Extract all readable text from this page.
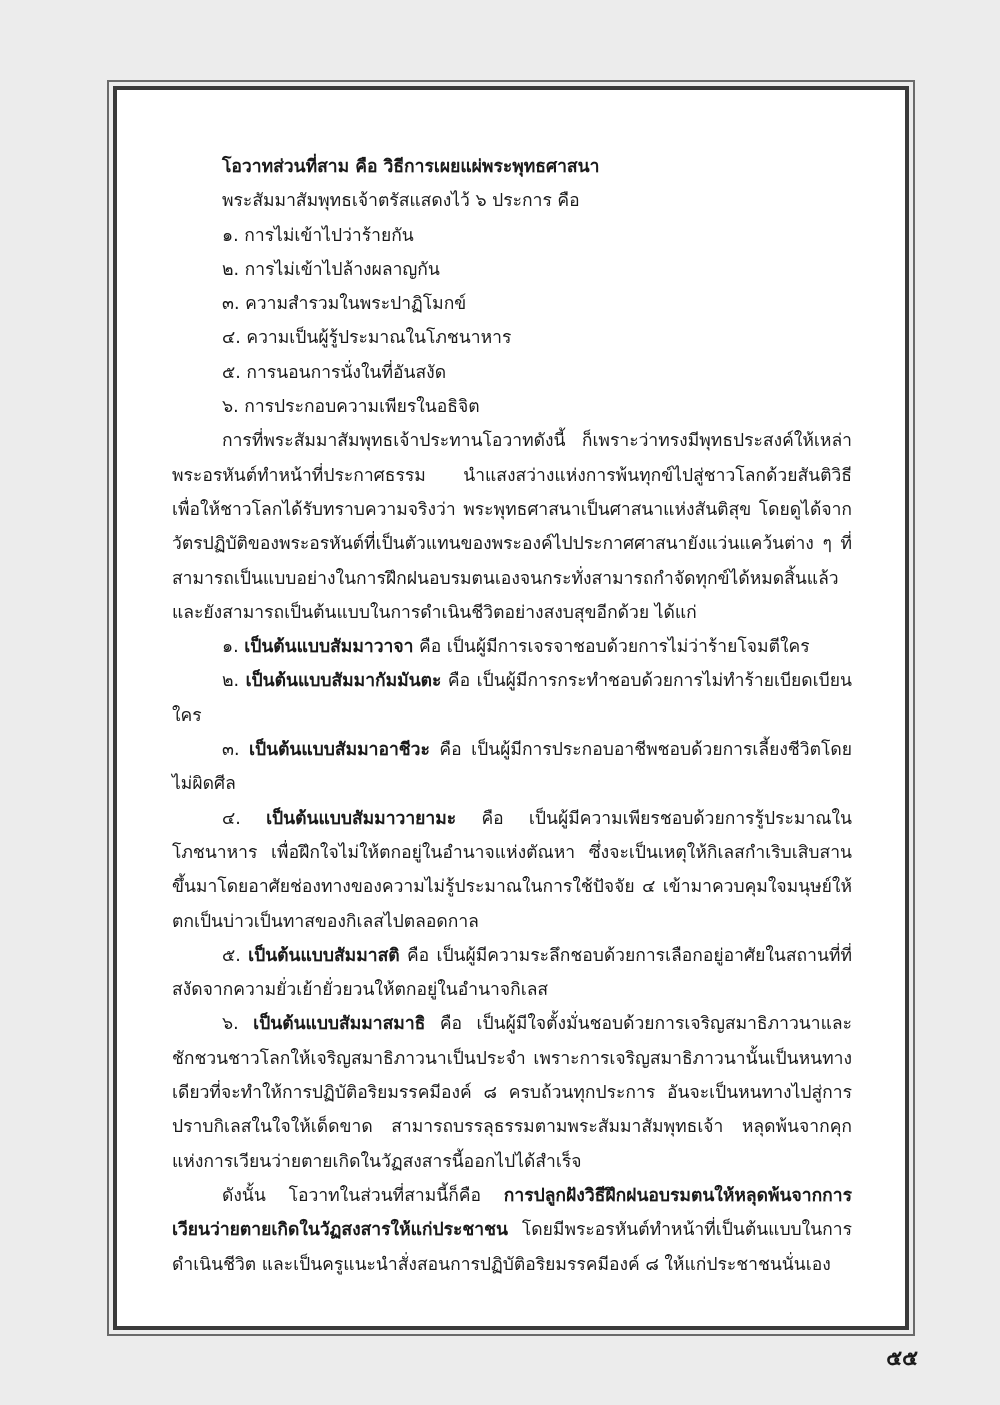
โอวาทส่วนที่สาม คือ วิธีการเผยแผ่พระพุทธศาสนา

พระสัมมาสัมพุทธเจ้าตรัสแสดงไว้ ๖ ประการ คือ

๑. การไม่เข้าไปว่าร้ายกัน

๒. การไม่เข้าไปล้างผลาญกัน

๓. ความสำรวมในพระปาฏิโมกข์

๔. ความเป็นผู้รู้ประมาณในโภชนาหาร

๕. การนอนการนั่งในที่อันสงัด

๖. การประกอบความเพียรในอธิจิต

การที่พระสัมมาสัมพุทธเจ้าประทานโอวาทดังนี้ ก็เพราะว่าทรงมีพุทธประสงค์ให้เหล่าพระอรหันต์ทำหน้าที่ประกาศธรรม นำแสงสว่างแห่งการพ้นทุกข์ไปสู่ชาวโลกด้วยสันติวิธี เพื่อให้ชาวโลกได้รับทราบความจริงว่า พระพุทธศาสนาเป็นศาสนาแห่งสันติสุข โดยดูได้จากวัตรปฏิบัติของพระอรหันต์ที่เป็นตัวแทนของพระองค์ไปประกาศศาสนายังแว่นแคว้นต่าง ๆ ที่สามารถเป็นแบบอย่างในการฝึกฝนอบรมตนเองจนกระทั่งสามารถกำจัดทุกข์ได้หมดสิ้นแล้ว และยังสามารถเป็นต้นแบบในการดำเนินชีวิตอย่างสงบสุขอีกด้วย ได้แก่

๑. เป็นต้นแบบสัมมาวาจา คือ เป็นผู้มีการเจรจาชอบด้วยการไม่ว่าร้ายโจมตีใคร

๒. เป็นต้นแบบสัมมากัมมันตะ คือ เป็นผู้มีการกระทำชอบด้วยการไม่ทำร้ายเบียดเบียนใคร

๓. เป็นต้นแบบสัมมาอาชีวะ คือ เป็นผู้มีการประกอบอาชีพชอบด้วยการเลี้ยงชีวิตโดยไม่ผิดศีล

๔. เป็นต้นแบบสัมมาวายามะ คือ เป็นผู้มีความเพียรชอบด้วยการรู้ประมาณในโภชนาหาร เพื่อฝึกใจไม่ให้ตกอยู่ในอำนาจแห่งตัณหา ซึ่งจะเป็นเหตุให้กิเลสกำเริบเสิบสานขึ้นมาโดยอาศัยช่องทางของความไม่รู้ประมาณในการใช้ปัจจัย ๔ เข้ามาควบคุมใจมนุษย์ให้ตกเป็นบ่าวเป็นทาสของกิเลสไปตลอดกาล

๕. เป็นต้นแบบสัมมาสติ คือ เป็นผู้มีความระลึกชอบด้วยการเลือกอยู่อาศัยในสถานที่ที่สงัดจากความยั่วเย้ายั่วยวนให้ตกอยู่ในอำนาจกิเลส

๖. เป็นต้นแบบสัมมาสมาธิ คือ เป็นผู้มีใจตั้งมั่นชอบด้วยการเจริญสมาธิภาวนาและชักชวนชาวโลกให้เจริญสมาธิภาวนาเป็นประจำ เพราะการเจริญสมาธิภาวนานั้นเป็นหนทางเดียวที่จะทำให้การปฏิบัติอริยมรรคมีองค์ ๘ ครบถ้วนทุกประการ อันจะเป็นหนทางไปสู่การปราบกิเลสในใจให้เด็ดขาด สามารถบรรลุธรรมตามพระสัมมาสัมพุทธเจ้า หลุดพ้นจากคุกแห่งการเวียนว่ายตายเกิดในวัฏสงสารนี้ออกไปได้สำเร็จ

ดังนั้น โอวาทในส่วนที่สามนี้ก็คือ การปลูกฝังวิธีฝึกฝนอบรมตนให้หลุดพ้นจากการเวียนว่ายตายเกิดในวัฏสงสารให้แก่ประชาชน โดยมีพระอรหันต์ทำหน้าที่เป็นต้นแบบในการดำเนินชีวิต และเป็นครูแนะนำสั่งสอนการปฏิบัติอริยมรรคมีองค์ ๘ ให้แก่ประชาชนนั่นเอง

๕๕
